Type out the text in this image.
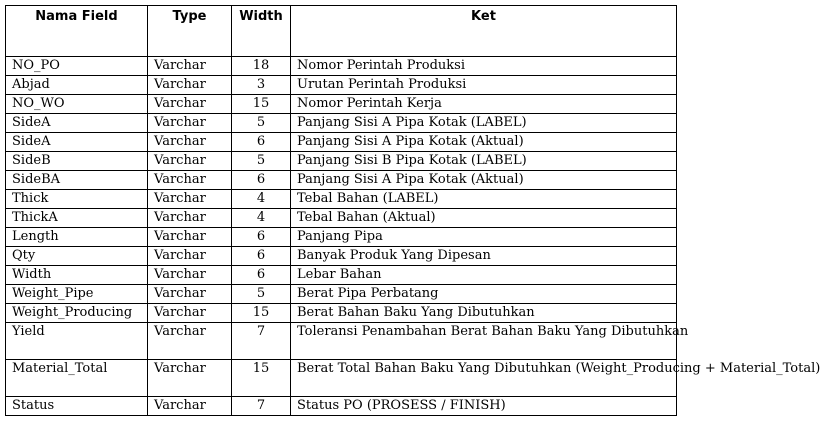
Nama Field	Type	Width	Ket
NO_PO	Varchar	18	Nomor Perintah Produksi
Abjad	Varchar	3	Urutan Perintah Produksi
NO_WO	Varchar	15	Nomor Perintah Kerja
SideA	Varchar	5	Panjang Sisi A Pipa Kotak (LABEL)
SideA	Varchar	6	Panjang Sisi A Pipa Kotak (Aktual)
SideB	Varchar	5	Panjang Sisi B Pipa Kotak (LABEL)
SideBA	Varchar	6	Panjang Sisi A Pipa Kotak (Aktual)
Thick	Varchar	4	Tebal Bahan (LABEL)
ThickA	Varchar	4	Tebal Bahan (Aktual)
Length	Varchar	6	Panjang Pipa
Qty	Varchar	6	Banyak Produk Yang Dipesan
Width	Varchar	6	Lebar Bahan
Weight_Pipe	Varchar	5	Berat Pipa Perbatang
Weight_Producing	Varchar	15	Berat Bahan Baku Yang Dibutuhkan
Yield	Varchar	7	Toleransi Penambahan Berat Bahan Baku Yang Dibutuhkan
Material_Total	Varchar	15	Berat Total Bahan Baku Yang Dibutuhkan (Weight_Producing + Material_Total)
Status	Varchar	7	Status PO (PROSESS / FINISH)
